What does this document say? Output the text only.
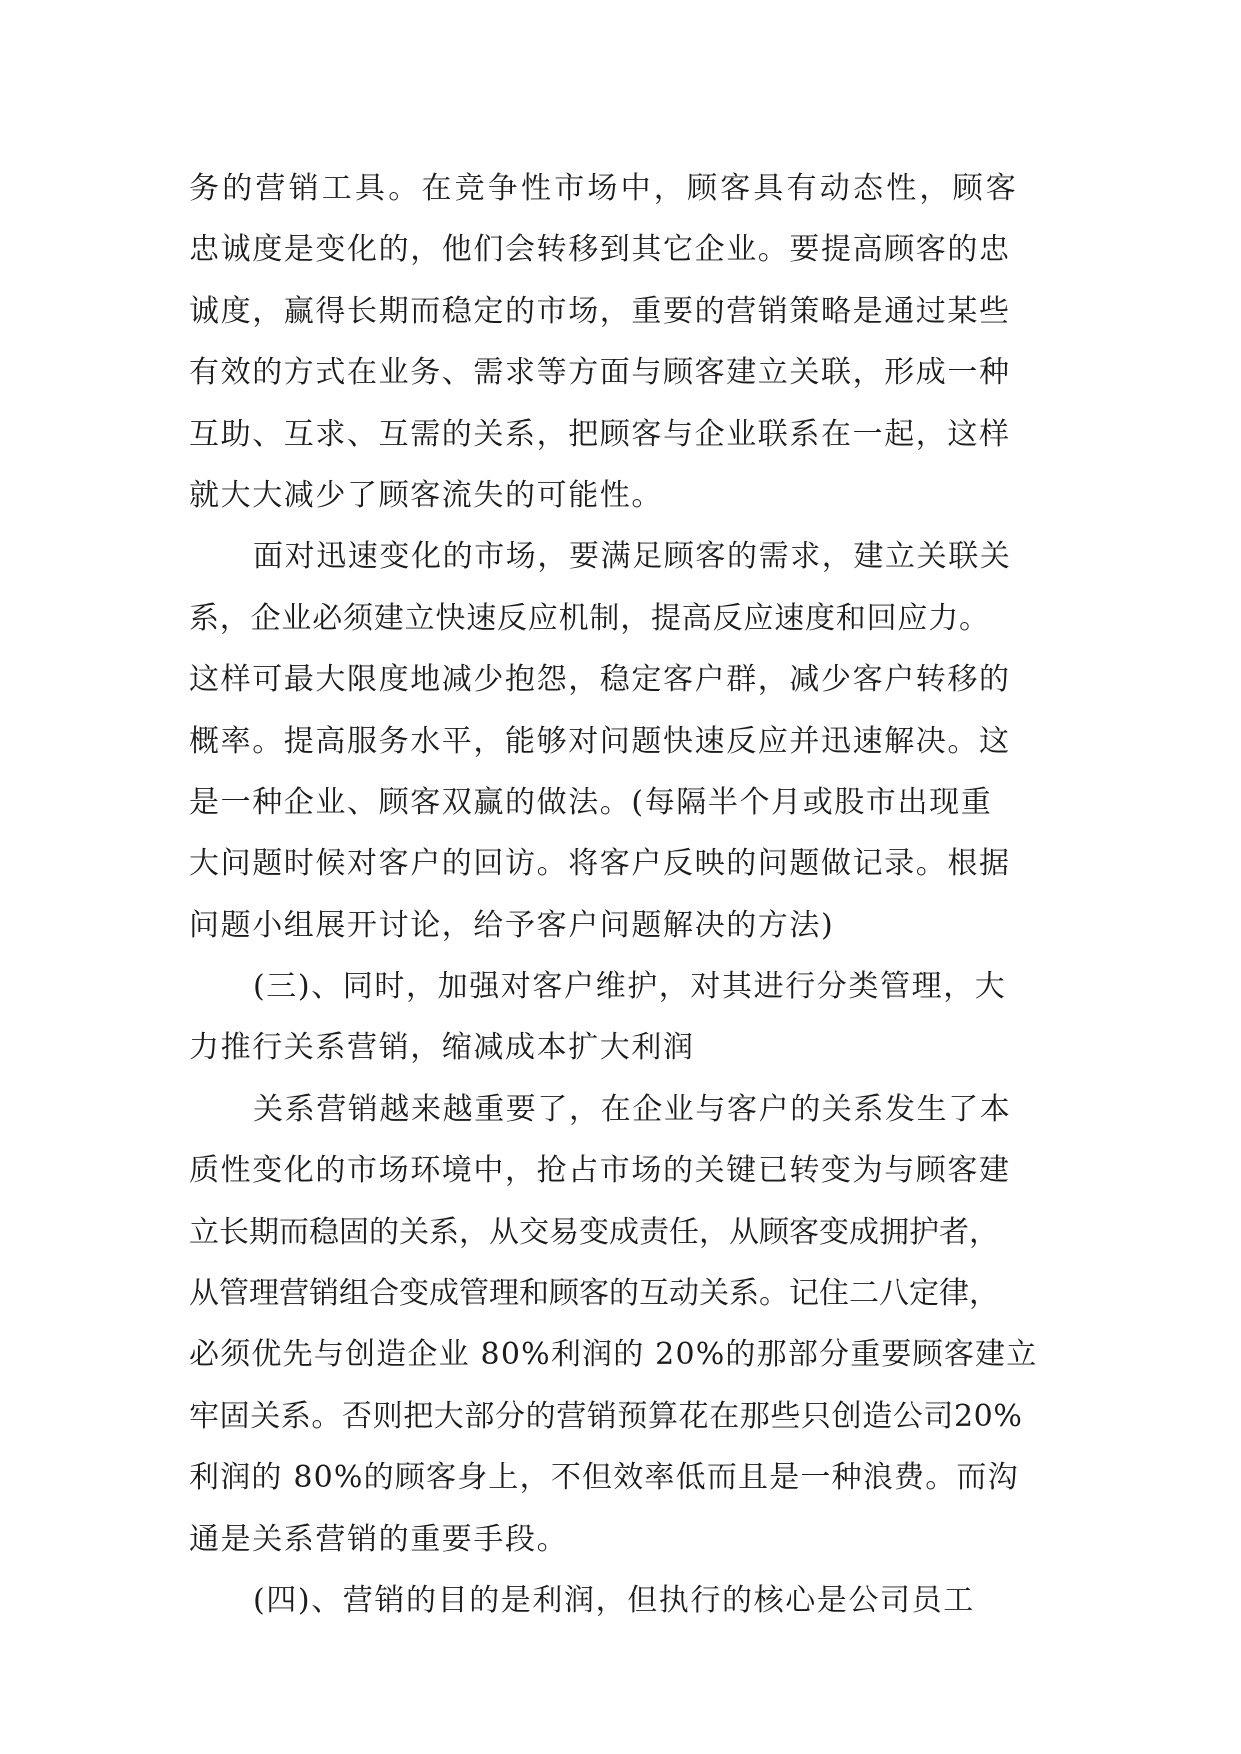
务的营销工具。在竞争性市场中，顾客具有动态性，顾客
忠诚度是变化的，他们会转移到其它企业。要提高顾客的忠
诚度，赢得长期而稳定的市场，重要的营销策略是通过某些
有效的方式在业务、需求等方面与顾客建立关联，形成一种
互助、互求、互需的关系，把顾客与企业联系在一起，这样
就大大减少了顾客流失的可能性。
面对迅速变化的市场，要满足顾客的需求，建立关联关
系，企业必须建立快速反应机制，提高反应速度和回应力。
这样可最大限度地减少抱怨，稳定客户群，减少客户转移的
概率。提高服务水平，能够对问题快速反应并迅速解决。这
是一种企业、顾客双赢的做法。(每隔半个月或股市出现重
大问题时候对客户的回访。将客户反映的问题做记录。根据
问题小组展开讨论，给予客户问题解决的方法)
(三)、同时，加强对客户维护，对其进行分类管理，大
力推行关系营销，缩减成本扩大利润
关系营销越来越重要了，在企业与客户的关系发生了本
质性变化的市场环境中，抢占市场的关键已转变为与顾客建
立长期而稳固的关系，从交易变成责任，从顾客变成拥护者，
从管理营销组合变成管理和顾客的互动关系。记住二八定律，
必须优先与创造企业 80%利润的 20%的那部分重要顾客建立
牢固关系。否则把大部分的营销预算花在那些只创造公司20%
利润的 80%的顾客身上，不但效率低而且是一种浪费。而沟
通是关系营销的重要手段。
(四)、营销的目的是利润，但执行的核心是公司员工
